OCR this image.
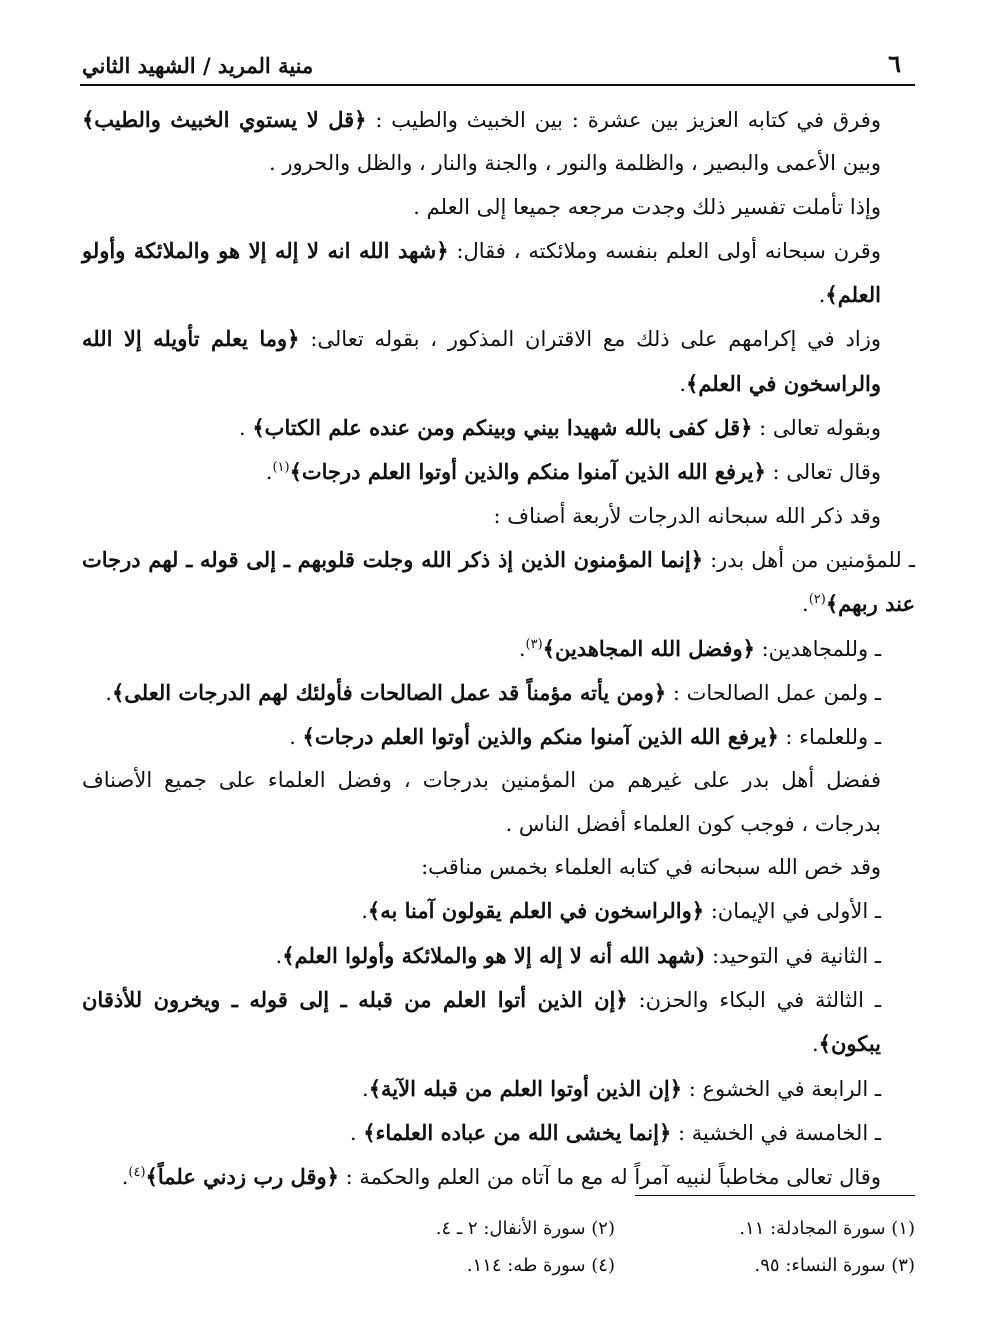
٦
منية المريد / الشهيد الثاني

وفرق في كتابه العزيز بين عشرة : بين الخبيث والطيب : ﴿قل لا يستوي الخبيث والطيب﴾ وبين الأعمى والبصير ، والظلمة والنور ، والجنة والنار ، والظل والحرور .

وإذا تأملت تفسير ذلك وجدت مرجعه جميعا إلى العلم .

وقرن سبحانه أولى العلم بنفسه وملائكته ، فقال: ﴿شهد الله انه لا إله إلا هو والملائكة وأولو العلم﴾.

وزاد في إكرامهم على ذلك مع الاقتران المذكور ، بقوله تعالى: ﴿وما يعلم تأويله إلا الله والراسخون في العلم﴾.

وبقوله تعالى : ﴿قل كفى بالله شهيدا بيني وبينكم ومن عنده علم الكتاب﴾ .

وقال تعالى : ﴿يرفع الله الذين آمنوا منكم والذين أوتوا العلم درجات﴾$^{(١)}$.

وقد ذكر الله سبحانه الدرجات لأربعة أصناف :

ـ للمؤمنين من أهل بدر: ﴿إنما المؤمنون الذين إذ ذكر الله وجلت قلوبهم ـ إلى قوله ـ لهم درجات عند ربهم﴾$^{(٢)}$.

ـ وللمجاهدين: ﴿وفضل الله المجاهدين﴾$^{(٣)}$.

ـ ولمن عمل الصالحات : ﴿ومن يأته مؤمناً قد عمل الصالحات فأولئك لهم الدرجات العلى﴾.

ـ وللعلماء : ﴿يرفع الله الذين آمنوا منكم والذين أوتوا العلم درجات﴾ .

ففضل أهل بدر على غيرهم من المؤمنين بدرجات ، وفضل العلماء على جميع الأصناف بدرجات ، فوجب كون العلماء أفضل الناس .

وقد خص الله سبحانه في كتابه العلماء بخمس مناقب:

ـ الأولى في الإيمان: ﴿والراسخون في العلم يقولون آمنا به﴾.

ـ الثانية في التوحيد: (شهد الله أنه لا إله إلا هو والملائكة وأولوا العلم﴾.

ـ الثالثة في البكاء والحزن: ﴿إن الذين أتوا العلم من قبله ـ إلى قوله ـ ويخرون للأذقان يبكون﴾.

ـ الرابعة في الخشوع : ﴿إن الذين أوتوا العلم من قبله الآية﴾.

ـ الخامسة في الخشية : ﴿إنما يخشى الله من عباده العلماء﴾ .

وقال تعالى مخاطباً لنبيه آمراً له مع ما آتاه من العلم والحكمة : ﴿وقل رب زدني علماً﴾$^{(٤)}$.

(١) سورة المجادلة: ١١.
(٢) سورة الأنفال: ٢ ـ ٤.
(٣) سورة النساء: ٩٥.
(٤) سورة طه: ١١٤.
